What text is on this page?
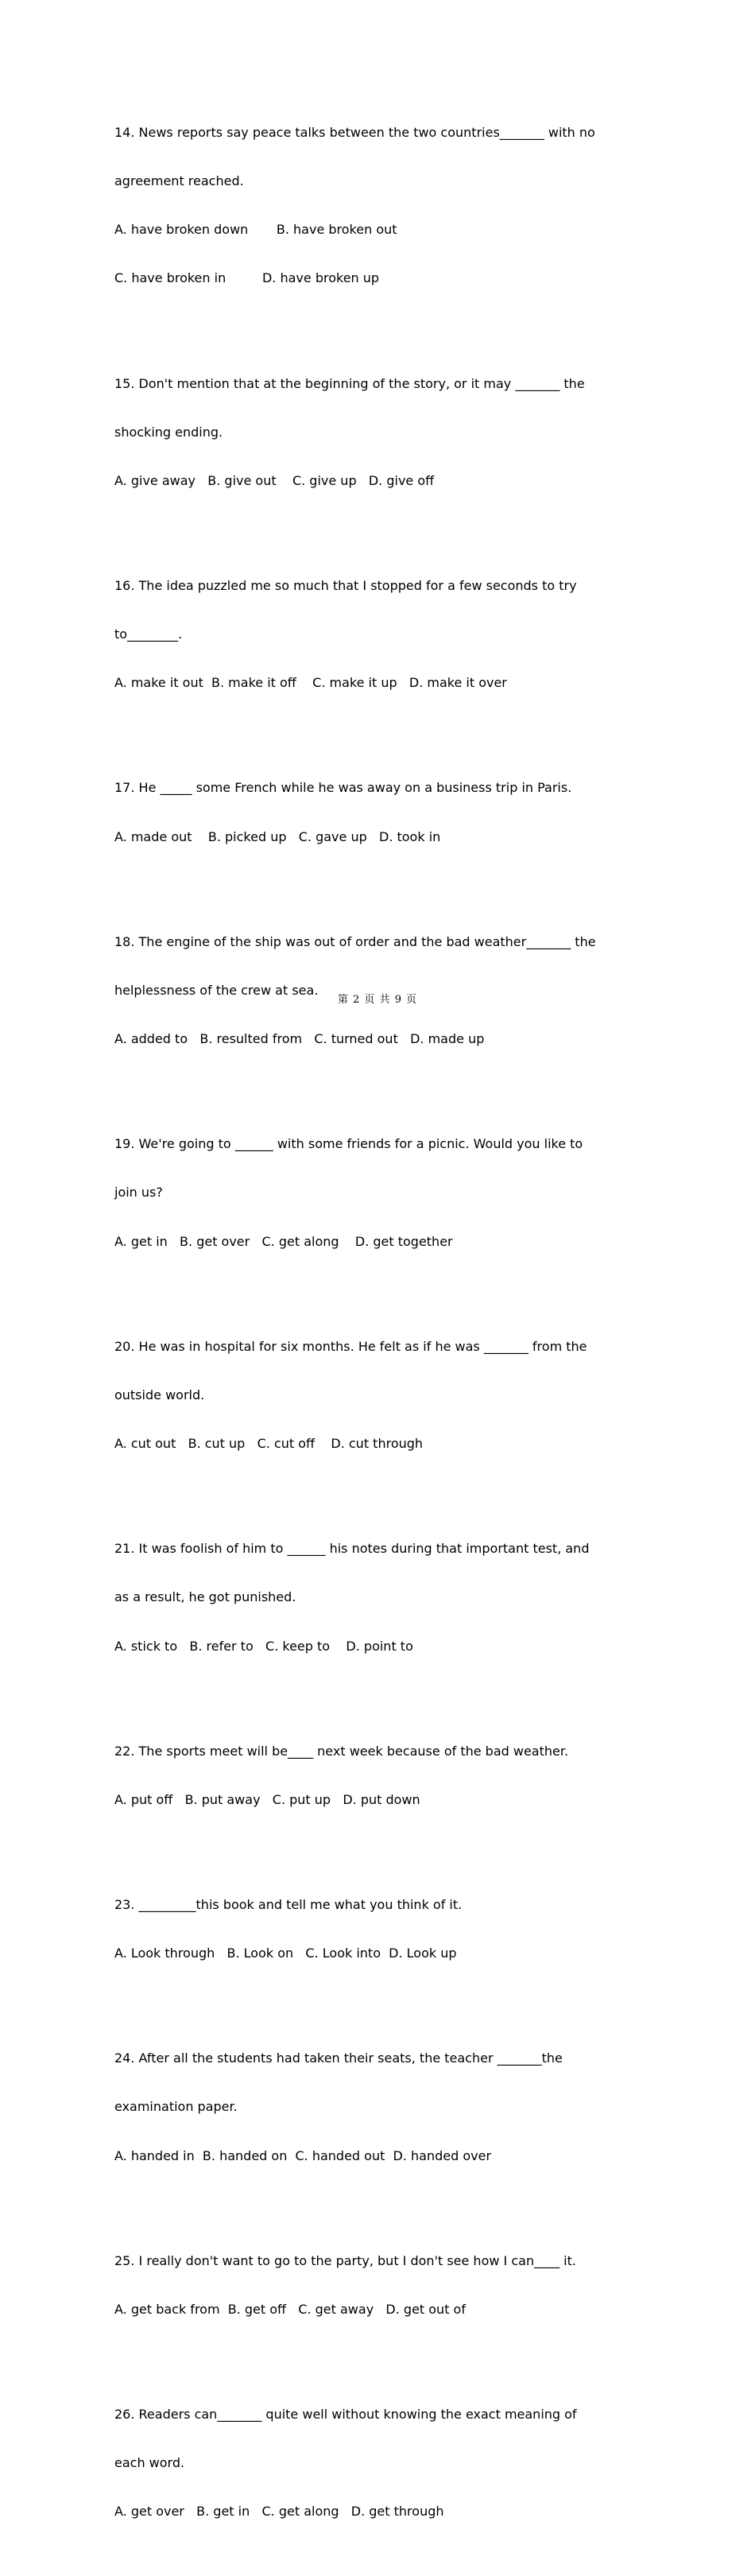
14. News reports say peace talks between the two countries_______ with no

agreement reached.

A. have broken down       B. have broken out

C. have broken in         D. have broken up

15. Don't mention that at the beginning of the story, or it may _______ the

shocking ending.

A. give away   B. give out    C. give up   D. give off

16. The idea puzzled me so much that I stopped for a few seconds to try

to________.

A. make it out  B. make it off    C. make it up   D. make it over

17. He _____ some French while he was away on a business trip in Paris.

A. made out    B. picked up   C. gave up   D. took in

18. The engine of the ship was out of order and the bad weather_______ the

helplessness of the crew at sea.

A. added to   B. resulted from   C. turned out   D. made up

19. We're going to ______ with some friends for a picnic. Would you like to

join us?

A. get in   B. get over   C. get along    D. get together

20. He was in hospital for six months. He felt as if he was _______ from the

outside world.

A. cut out   B. cut up   C. cut off    D. cut through

21. It was foolish of him to ______ his notes during that important test, and

as a result, he got punished.

A. stick to   B. refer to   C. keep to    D. point to

22. The sports meet will be____ next week because of the bad weather.

A. put off   B. put away   C. put up   D. put down

23. _________this book and tell me what you think of it.

A. Look through   B. Look on   C. Look into  D. Look up

24. After all the students had taken their seats, the teacher _______the

examination paper.

A. handed in  B. handed on  C. handed out  D. handed over

25. I really don't want to go to the party, but I don't see how I can____ it.

A. get back from  B. get off   C. get away   D. get out of

26. Readers can_______ quite well without knowing the exact meaning of

each word.

A. get over   B. get in   C. get along   D. get through

第 2 页 共 9 页
